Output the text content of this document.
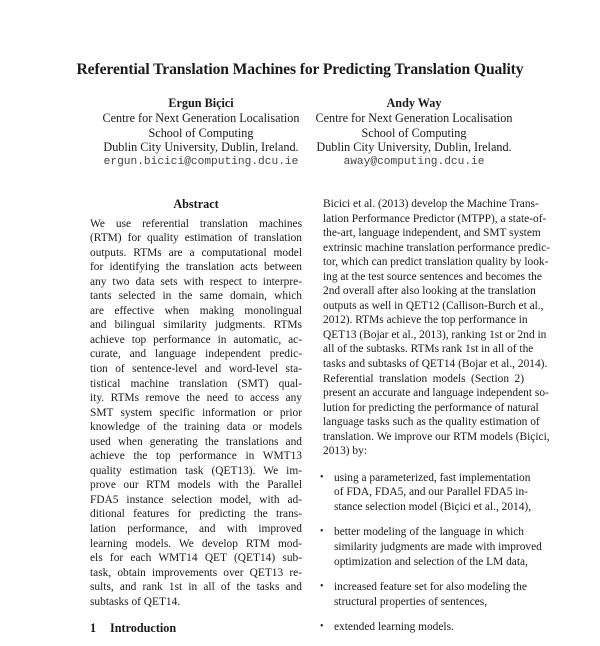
Referential Translation Machines for Predicting Translation Quality
Ergun Biçici
Centre for Next Generation Localisation
School of Computing
Dublin City University, Dublin, Ireland.
ergun.bicici@computing.dcu.ie
Andy Way
Centre for Next Generation Localisation
School of Computing
Dublin City University, Dublin, Ireland.
away@computing.dcu.ie
Abstract
We use referential translation machines
(RTM) for quality estimation of translation
outputs. RTMs are a computational model
for identifying the translation acts between
any two data sets with respect to interpre-
tants selected in the same domain, which
are effective when making monolingual
and bilingual similarity judgments. RTMs
achieve top performance in automatic, ac-
curate, and language independent predic-
tion of sentence-level and word-level sta-
tistical machine translation (SMT) qual-
ity. RTMs remove the need to access any
SMT system specific information or prior
knowledge of the training data or models
used when generating the translations and
achieve the top performance in WMT13
quality estimation task (QET13). We im-
prove our RTM models with the Parallel
FDA5 instance selection model, with ad-
ditional features for predicting the trans-
lation performance, and with improved
learning models. We develop RTM mod-
els for each WMT14 QET (QET14) sub-
task, obtain improvements over QET13 re-
sults, and rank 1st in all of the tasks and
subtasks of QET14.
1 Introduction
Bicici et al. (2013) develop the Machine Trans-
lation Performance Predictor (MTPP), a state-of-
the-art, language independent, and SMT system
extrinsic machine translation performance predic-
tor, which can predict translation quality by look-
ing at the test source sentences and becomes the
2nd overall after also looking at the translation
outputs as well in QET12 (Callison-Burch et al.,
2012). RTMs achieve the top performance in
QET13 (Bojar et al., 2013), ranking 1st or 2nd in
all of the subtasks. RTMs rank 1st in all of the
tasks and subtasks of QET14 (Bojar et al., 2014).
Referential translation models (Section 2)
present an accurate and language independent so-
lution for predicting the performance of natural
language tasks such as the quality estimation of
translation. We improve our RTM models (Biçici,
2013) by:
• using a parameterized, fast implementation
of FDA, FDA5, and our Parallel FDA5 in-
stance selection model (Biçici et al., 2014),
• better modeling of the language in which
similarity judgments are made with improved
optimization and selection of the LM data,
• increased feature set for also modeling the
structural properties of sentences,
• extended learning models.
